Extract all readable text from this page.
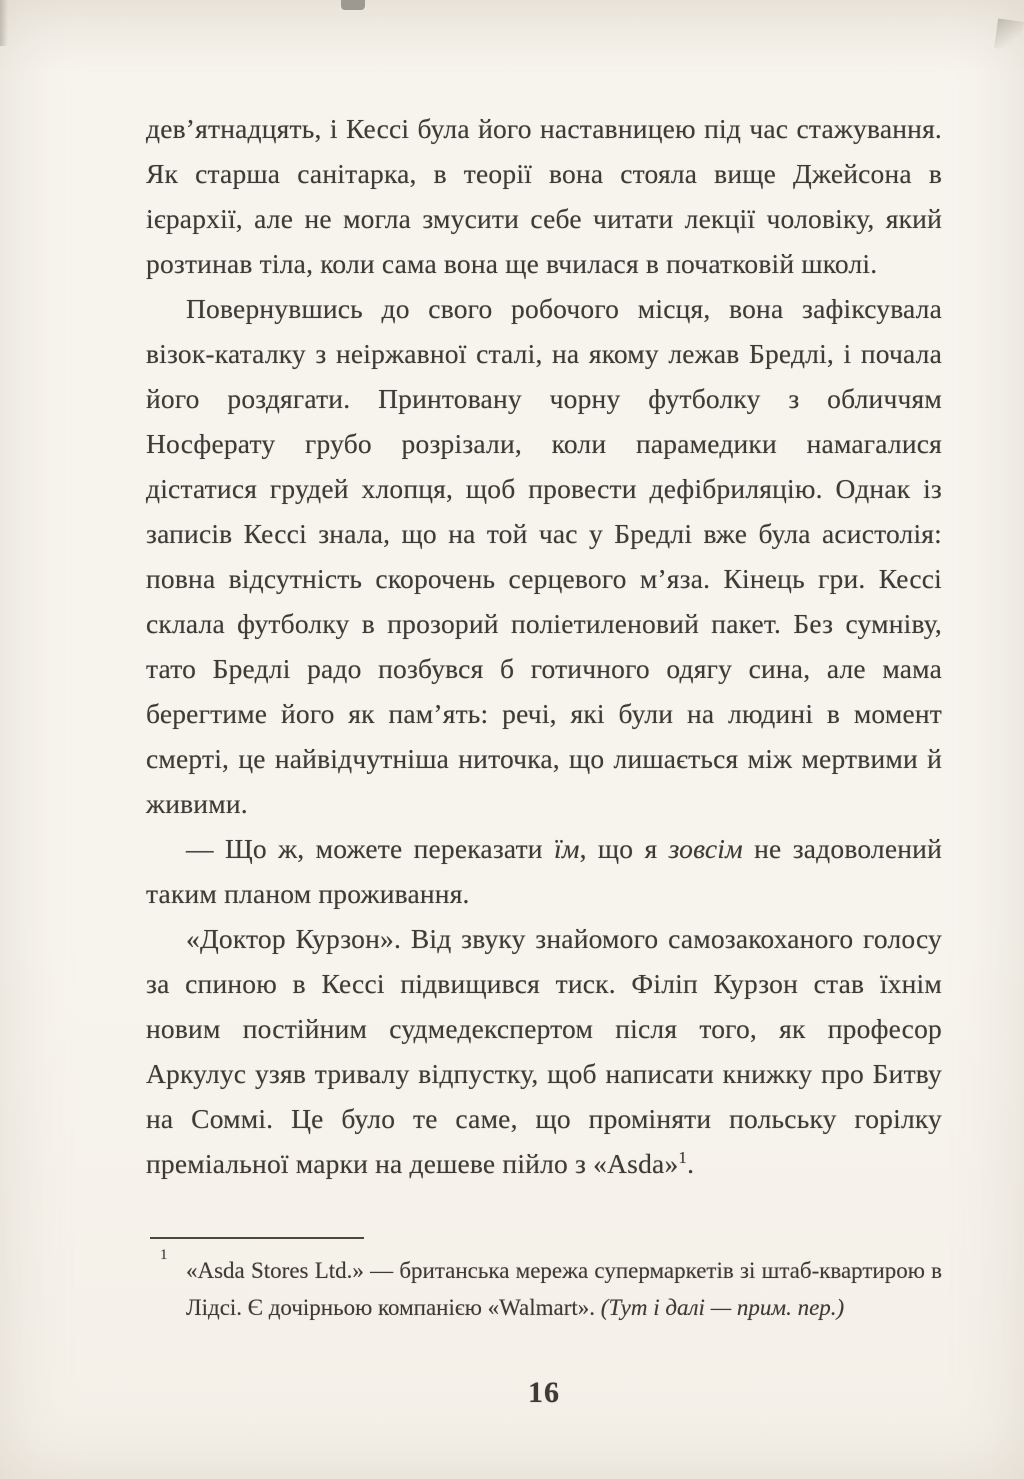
дев’ятнадцять, і Кессі була його наставницею під час стажування. Як старша санітарка, в теорії вона стояла вище Джейсона в ієрархії, але не могла змусити себе читати лекції чоловіку, який розтинав тіла, коли сама вона ще вчилася в початковій школі.

Повернувшись до свого робочого місця, вона зафіксувала візок-каталку з неіржавної сталі, на якому лежав Бредлі, і почала його роздягати. Принтовану чорну футболку з обличчям Носферату грубо розрізали, коли парамедики намагалися дістатися грудей хлопця, щоб провести дефібриляцію. Однак із записів Кессі знала, що на той час у Бредлі вже була асистолія: повна відсутність скорочень серцевого м’яза. Кінець гри. Кессі склала футболку в прозорий поліетиленовий пакет. Без сумніву, тато Бредлі радо позбувся б готичного одягу сина, але мама берегтиме його як пам’ять: речі, які були на людині в момент смерті, це найвідчутніша ниточка, що лишається між мертвими й живими.

— Що ж, можете переказати їм, що я зовсім не задоволений таким планом проживання.

«Доктор Курзон». Від звуку знайомого самозакоханого голосу за спиною в Кессі підвищився тиск. Філіп Курзон став їхнім новим постійним судмедекспертом після того, як професор Аркулус узяв тривалу відпустку, щоб написати книжку про Битву на Соммі. Це було те саме, що проміняти польську горілку преміальної марки на дешеве пійло з «Asda»$^1$.

1
«Asda Stores Ltd.» — британська мережа супермаркетів зі штаб-квартирою в Лідсі. Є дочірньою компанією «Walmart». (Тут і далі — прим. пер.)
16
